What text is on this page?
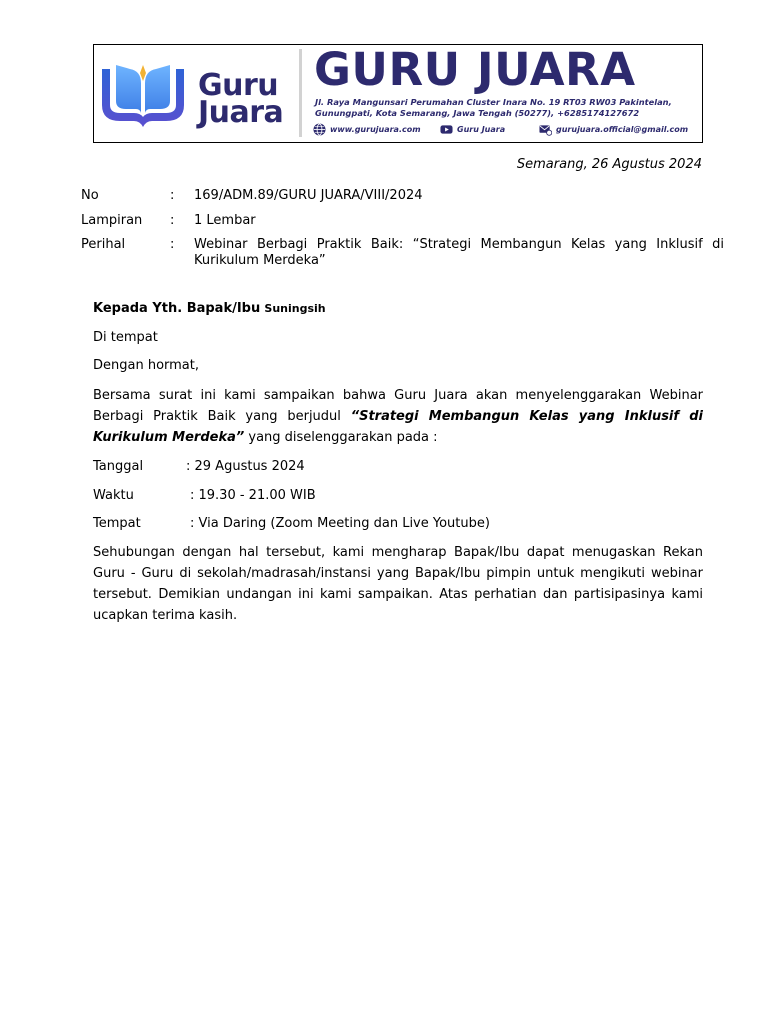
Guru
Juara
GURU JUARA
Jl. Raya Mangunsari Perumahan Cluster Inara No. 19 RT03 RW03 Pakintelan, Gunungpati, Kota Semarang, Jawa Tengah (50277), +6285174127672
www.gurujuara.com	Guru Juara	gurujuara.official@gmail.com
Semarang, 26 Agustus 2024
No	: 169/ADM.89/GURU JUARA/VIII/2024
Lampiran : 1 Lembar
Perihal	: Webinar Berbagi Praktik Baik: “Strategi Membangun Kelas yang Inklusif di Kurikulum Merdeka”
Kepada Yth. Bapak/Ibu Suningsih
Di tempat
Dengan hormat,
Bersama surat ini kami sampaikan bahwa Guru Juara akan menyelenggarakan Webinar Berbagi Praktik Baik yang berjudul “Strategi Membangun Kelas yang Inklusif di Kurikulum Merdeka” yang diselenggarakan pada :
Tanggal	: 29 Agustus 2024
Waktu	: 19.30 - 21.00 WIB
Tempat	: Via Daring (Zoom Meeting dan Live Youtube)
Sehubungan dengan hal tersebut, kami mengharap Bapak/Ibu dapat menugaskan Rekan Guru - Guru di sekolah/madrasah/instansi yang Bapak/Ibu pimpin untuk mengikuti webinar tersebut. Demikian undangan ini kami sampaikan. Atas perhatian dan partisipasinya kami ucapkan terima kasih.
